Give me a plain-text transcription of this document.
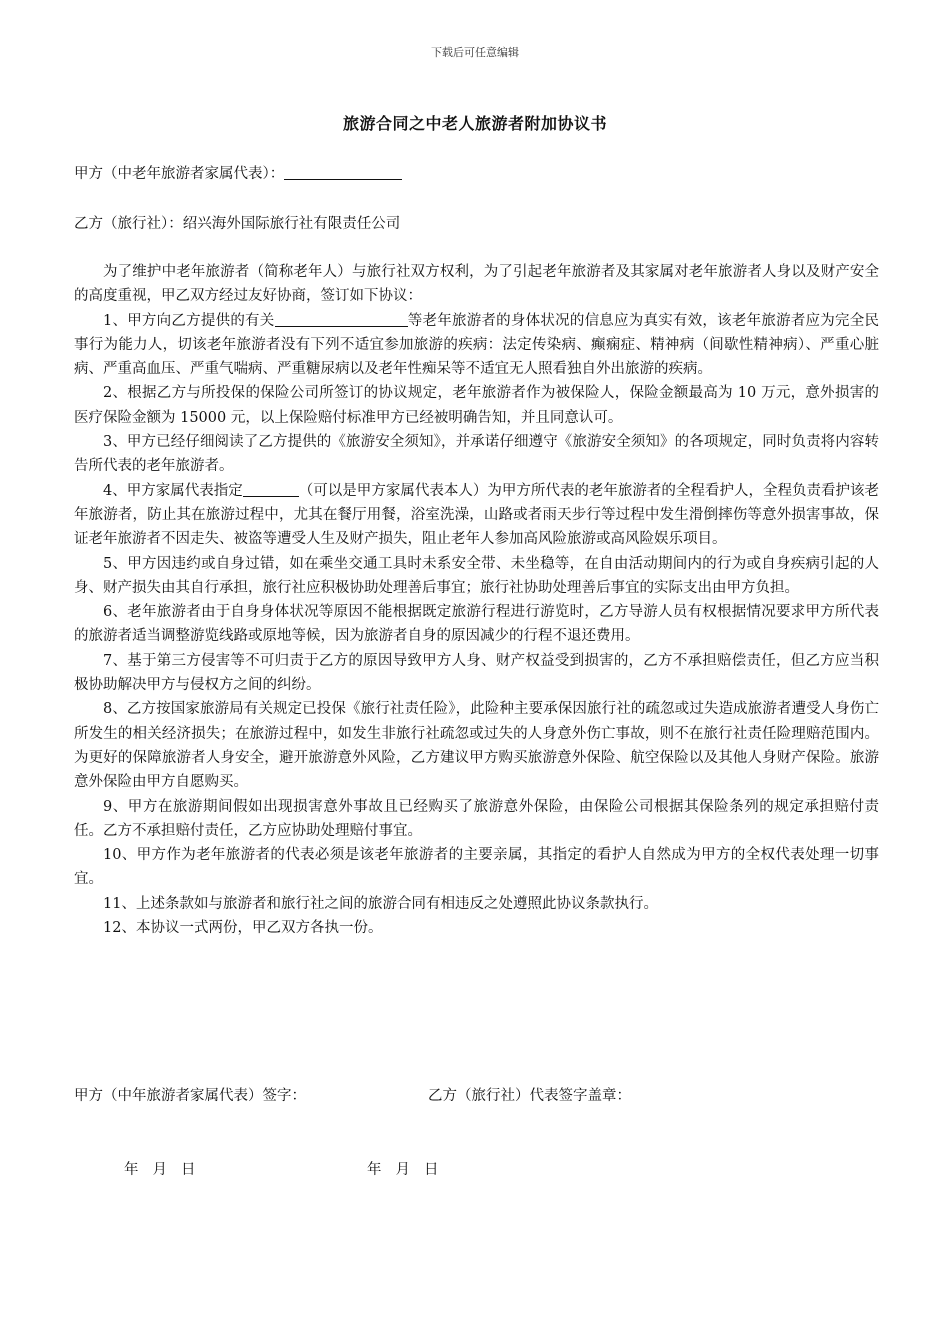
下载后可任意编辑
旅游合同之中老人旅游者附加协议书
甲方（中老年旅游者家属代表）：
乙方（旅行社）：绍兴海外国际旅行社有限责任公司

为了维护中老年旅游者（简称老年人）与旅行社双方权利，为了引起老年旅游者及其家属对老年旅游者人身以及财产安全的高度重视，甲乙双方经过友好协商，签订如下协议：

1、甲方向乙方提供的有关	等老年旅游者的身体状况的信息应为真实有效，该老年旅游者应为完全民事行为能力人，切该老年旅游者没有下列不适宜参加旅游的疾病：法定传染病、癫痫症、精神病（间歇性精神病）、严重心脏病、严重高血压、严重气喘病、严重糖尿病以及老年性痴呆等不适宜无人照看独自外出旅游的疾病。

2、根据乙方与所投保的保险公司所签订的协议规定，老年旅游者作为被保险人，保险金额最高为 10 万元，意外损害的医疗保险金额为 15000 元，以上保险赔付标准甲方已经被明确告知，并且同意认可。

3、甲方已经仔细阅读了乙方提供的《旅游安全须知》，并承诺仔细遵守《旅游安全须知》的各项规定，同时负责将内容转告所代表的老年旅游者。

4、甲方家属代表指定	（可以是甲方家属代表本人）为甲方所代表的老年旅游者的全程看护人，全程负责看护该老年旅游者，防止其在旅游过程中，尤其在餐厅用餐，浴室洗澡，山路或者雨天步行等过程中发生滑倒摔伤等意外损害事故，保证老年旅游者不因走失、被盗等遭受人生及财产损失，阻止老年人参加高风险旅游或高风险娱乐项目。

5、甲方因违约或自身过错，如在乘坐交通工具时未系安全带、未坐稳等，在自由活动期间内的行为或自身疾病引起的人身、财产损失由其自行承担，旅行社应积极协助处理善后事宜；旅行社协助处理善后事宜的实际支出由甲方负担。

6、老年旅游者由于自身身体状况等原因不能根据既定旅游行程进行游览时，乙方导游人员有权根据情况要求甲方所代表的旅游者适当调整游览线路或原地等候，因为旅游者自身的原因减少的行程不退还费用。

7、基于第三方侵害等不可归责于乙方的原因导致甲方人身、财产权益受到损害的，乙方不承担赔偿责任，但乙方应当积极协助解决甲方与侵权方之间的纠纷。

8、乙方按国家旅游局有关规定已投保《旅行社责任险》，此险种主要承保因旅行社的疏忽或过失造成旅游者遭受人身伤亡所发生的相关经济损失；在旅游过程中，如发生非旅行社疏忽或过失的人身意外伤亡事故，则不在旅行社责任险理赔范围内。为更好的保障旅游者人身安全，避开旅游意外风险，乙方建议甲方购买旅游意外保险、航空保险以及其他人身财产保险。旅游意外保险由甲方自愿购买。

9、甲方在旅游期间假如出现损害意外事故且已经购买了旅游意外保险，由保险公司根据其保险条列的规定承担赔付责任。乙方不承担赔付责任，乙方应协助处理赔付事宜。

10、甲方作为老年旅游者的代表必须是该老年旅游者的主要亲属，其指定的看护人自然成为甲方的全权代表处理一切事宜。

11、上述条款如与旅游者和旅行社之间的旅游合同有相违反之处遵照此协议条款执行。

12、本协议一式两份，甲乙双方各执一份。

甲方（中年旅游者家属代表）签字：	乙方（旅行社）代表签字盖章：
年 月 日	年 月 日
